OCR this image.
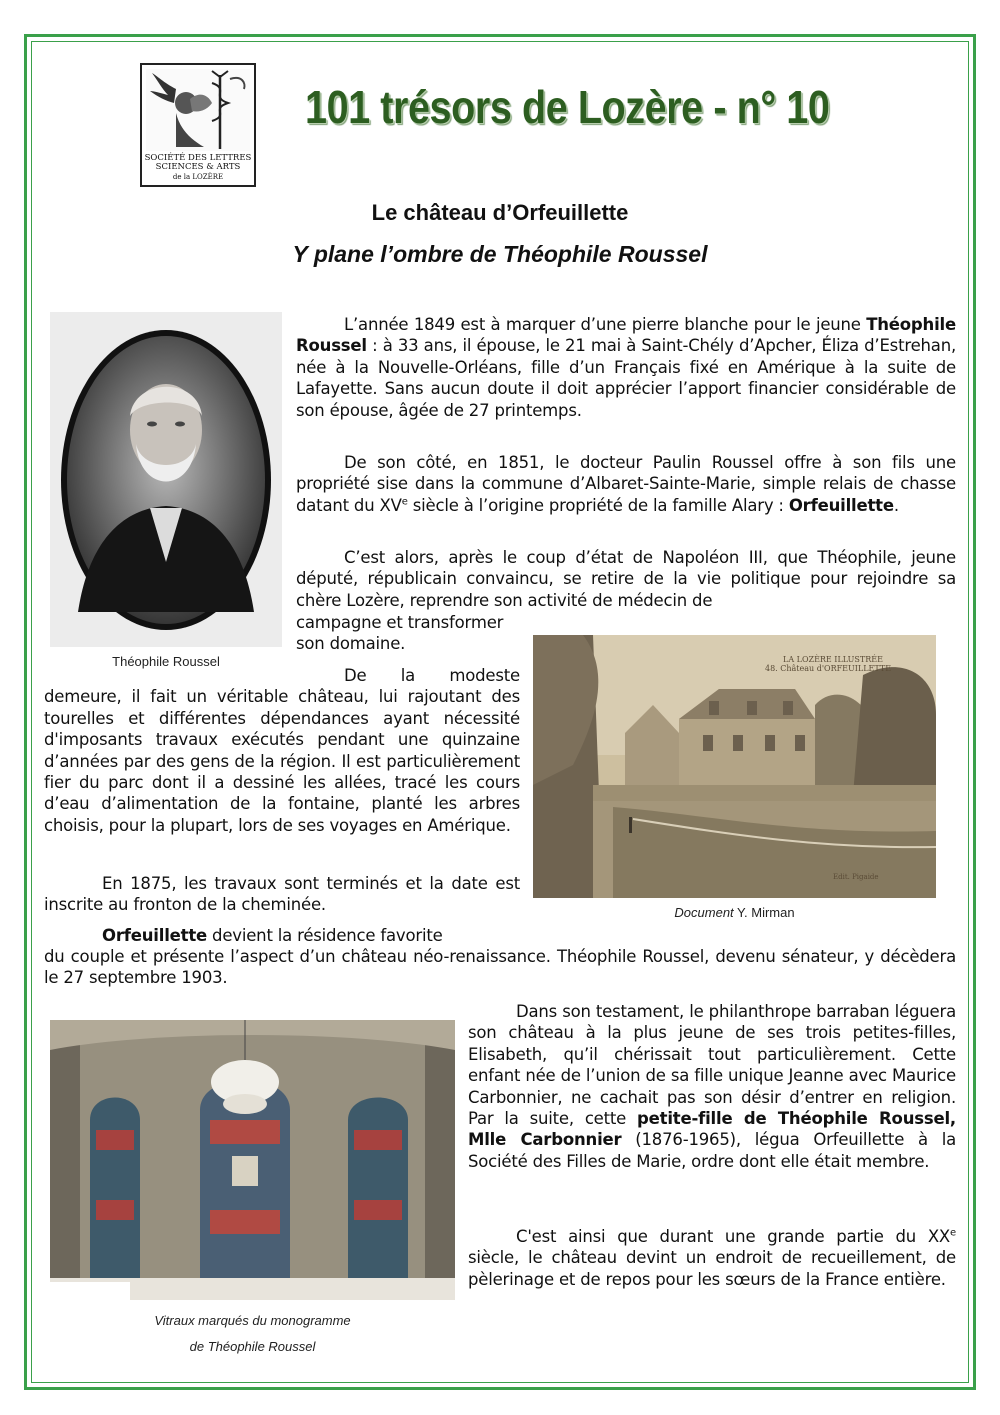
SOCIÉTÉ DES LETTRES
SCIENCES & ARTS
de la LOZÈRE
101 trésors de Lozère - n° 10
Le château d’Orfeuillette
Y plane l’ombre de Théophile Roussel
Théophile Roussel	LA LOZÈRE ILLUSTRÉE
48. Château d'ORFEUILLETTE
Edit. Pigaide
Document Y. Mirman
Vitraux marqués du monogramme
de Théophile Roussel
L’année 1849 est à marquer d’une pierre blanche pour le jeune Théophile Roussel : à 33 ans, il épouse, le 21 mai à Saint-Chély d’Apcher, Éliza d’Estrehan, née à la Nouvelle-Orléans, fille d’un Français fixé en Amérique à la suite de Lafayette. Sans aucun doute il doit apprécier l’apport financier considérable de son épouse, âgée de 27 printemps.
De son côté, en 1851, le docteur Paulin Roussel offre à son fils une propriété sise dans la commune d’Albaret-Sainte-Marie, simple relais de chasse datant du XVe siècle à l’origine propriété de la famille Alary : Orfeuillette.
C’est alors, après le coup d’état de Napoléon III, que Théophile, jeune député, républicain convaincu, se retire de la vie politique pour rejoindre sa chère Lozère, reprendre son activité de médecin de
campagne et transformer
son domaine.
De la modeste demeure, il fait un véritable château, lui rajoutant des tourelles et différentes dépendances ayant nécessité d'imposants travaux exécutés pendant une quinzaine d’années par des gens de la région. Il est particulièrement fier du parc dont il a dessiné les allées, tracé les cours d’eau d’alimentation de la fontaine, planté les arbres choisis, pour la plupart, lors de ses voyages en Amérique.
En 1875, les travaux sont terminés et la date est inscrite au fronton de la cheminée.
Orfeuillette devient la résidence favorite
du couple et présente l’aspect d’un château néo-renaissance. Théophile Roussel, devenu sénateur, y décèdera le 27 septembre 1903.
Dans son testament, le philanthrope barraban léguera son château à la plus jeune de ses trois petites-filles, Elisabeth, qu’il chérissait tout particulièrement. Cette enfant née de l’union de sa fille unique Jeanne avec Maurice Carbonnier, ne cachait pas son désir d’entrer en religion. Par la suite, cette petite-fille de Théophile Roussel, Mlle Carbonnier (1876-1965), légua Orfeuillette à la Société des Filles de Marie, ordre dont elle était membre.
C'est ainsi que durant une grande partie du XXe siècle, le château devint un endroit de recueillement, de pèlerinage et de repos pour les sœurs de la France entière.
